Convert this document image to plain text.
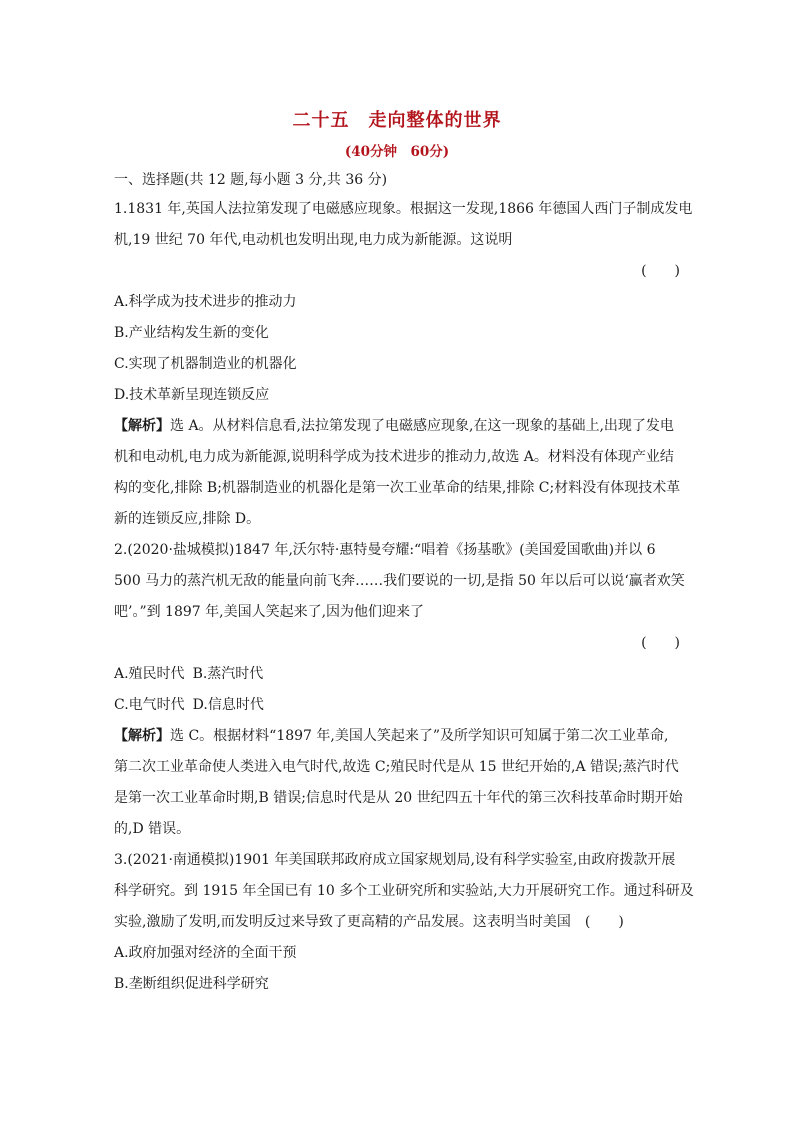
二十五　走向整体的世界
(40分钟　60分)
一、选择题(共 12 题,每小题 3 分,共 36 分)
1.1831 年,英国人法拉第发现了电磁感应现象。根据这一发现,1866 年德国人西门子制成发电
机,19 世纪 70 年代,电动机也发明出现,电力成为新能源。这说明
(　　)
A.科学成为技术进步的推动力
B.产业结构发生新的变化
C.实现了机器制造业的机器化
D.技术革新呈现连锁反应
【解析】选 A。从材料信息看,法拉第发现了电磁感应现象,在这一现象的基础上,出现了发电
机和电动机,电力成为新能源,说明科学成为技术进步的推动力,故选 A。材料没有体现产业结
构的变化,排除 B;机器制造业的机器化是第一次工业革命的结果,排除 C;材料没有体现技术革
新的连锁反应,排除 D。
2.(2020·盐城模拟)1847 年,沃尔特·惠特曼夸耀:“唱着《扬基歌》(美国爱国歌曲)并以 6
500 马力的蒸汽机无敌的能量向前飞奔……我们要说的一切,是指 50 年以后可以说‘赢者欢笑
吧’。”到 1897 年,美国人笑起来了,因为他们迎来了
(　　)
A.殖民时代 B.蒸汽时代
C.电气时代 D.信息时代
【解析】选 C。根据材料“1897 年,美国人笑起来了”及所学知识可知属于第二次工业革命,
第二次工业革命使人类进入电气时代,故选 C;殖民时代是从 15 世纪开始的,A 错误;蒸汽时代
是第一次工业革命时期,B 错误;信息时代是从 20 世纪四五十年代的第三次科技革命时期开始
的,D 错误。
3.(2021·南通模拟)1901 年美国联邦政府成立国家规划局,设有科学实验室,由政府拨款开展
科学研究。到 1915 年全国已有 10 多个工业研究所和实验站,大力开展研究工作。通过科研及
实验,激励了发明,而发明反过来导致了更高精的产品发展。这表明当时美国　(　　)
A.政府加强对经济的全面干预
B.垄断组织促进科学研究
